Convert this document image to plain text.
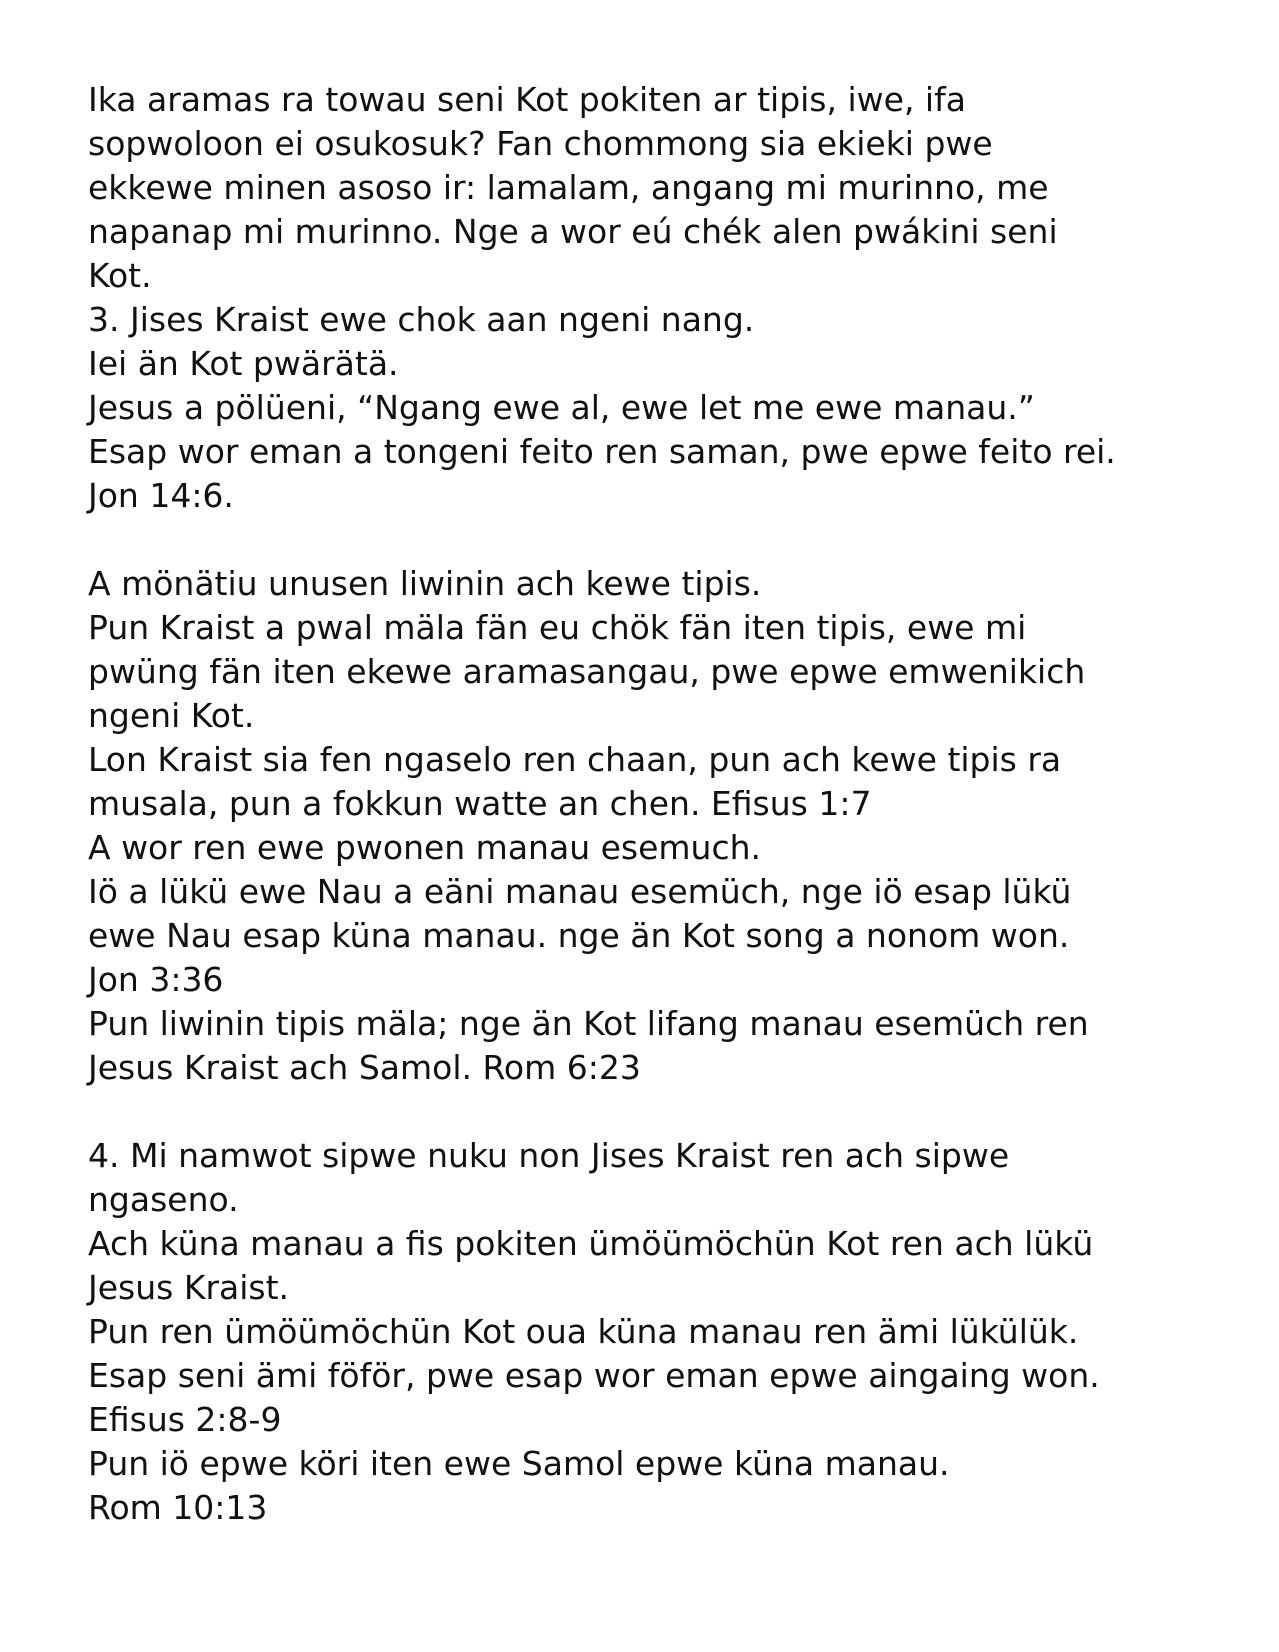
Ika aramas ra towau seni Kot pokiten ar tipis, iwe, ifa
sopwoloon ei osukosuk? Fan chommong sia ekieki pwe
ekkewe minen asoso ir: lamalam, angang mi murinno, me
napanap mi murinno. Nge a wor eú chék alen pwákini seni
Kot.
3. Jises Kraist ewe chok aan ngeni nang.
Iei än Kot pwärätä.
Jesus a pölüeni, “Ngang ewe al, ewe let me ewe manau.”
Esap wor eman a tongeni feito ren saman, pwe epwe feito rei.
Jon 14:6.
A mönätiu unusen liwinin ach kewe tipis.
Pun Kraist a pwal mäla fän eu chök fän iten tipis, ewe mi
pwüng fän iten ekewe aramasangau, pwe epwe emwenikich
ngeni Kot.
Lon Kraist sia fen ngaselo ren chaan, pun ach kewe tipis ra
musala, pun a fokkun watte an chen. Efisus 1:7
A wor ren ewe pwonen manau esemuch.
Iö a lükü ewe Nau a eäni manau esemüch, nge iö esap lükü
ewe Nau esap küna manau. nge än Kot song a nonom won.
Jon 3:36
Pun liwinin tipis mäla; nge än Kot lifang manau esemüch ren
Jesus Kraist ach Samol. Rom 6:23
4. Mi namwot sipwe nuku non Jises Kraist ren ach sipwe
ngaseno.
Ach küna manau a fis pokiten ümöümöchün Kot ren ach lükü
Jesus Kraist.
Pun ren ümöümöchün Kot oua küna manau ren ämi lükülük.
Esap seni ämi föför, pwe esap wor eman epwe aingaing won.
Efisus 2:8-9
Pun iö epwe köri iten ewe Samol epwe küna manau.
Rom 10:13
